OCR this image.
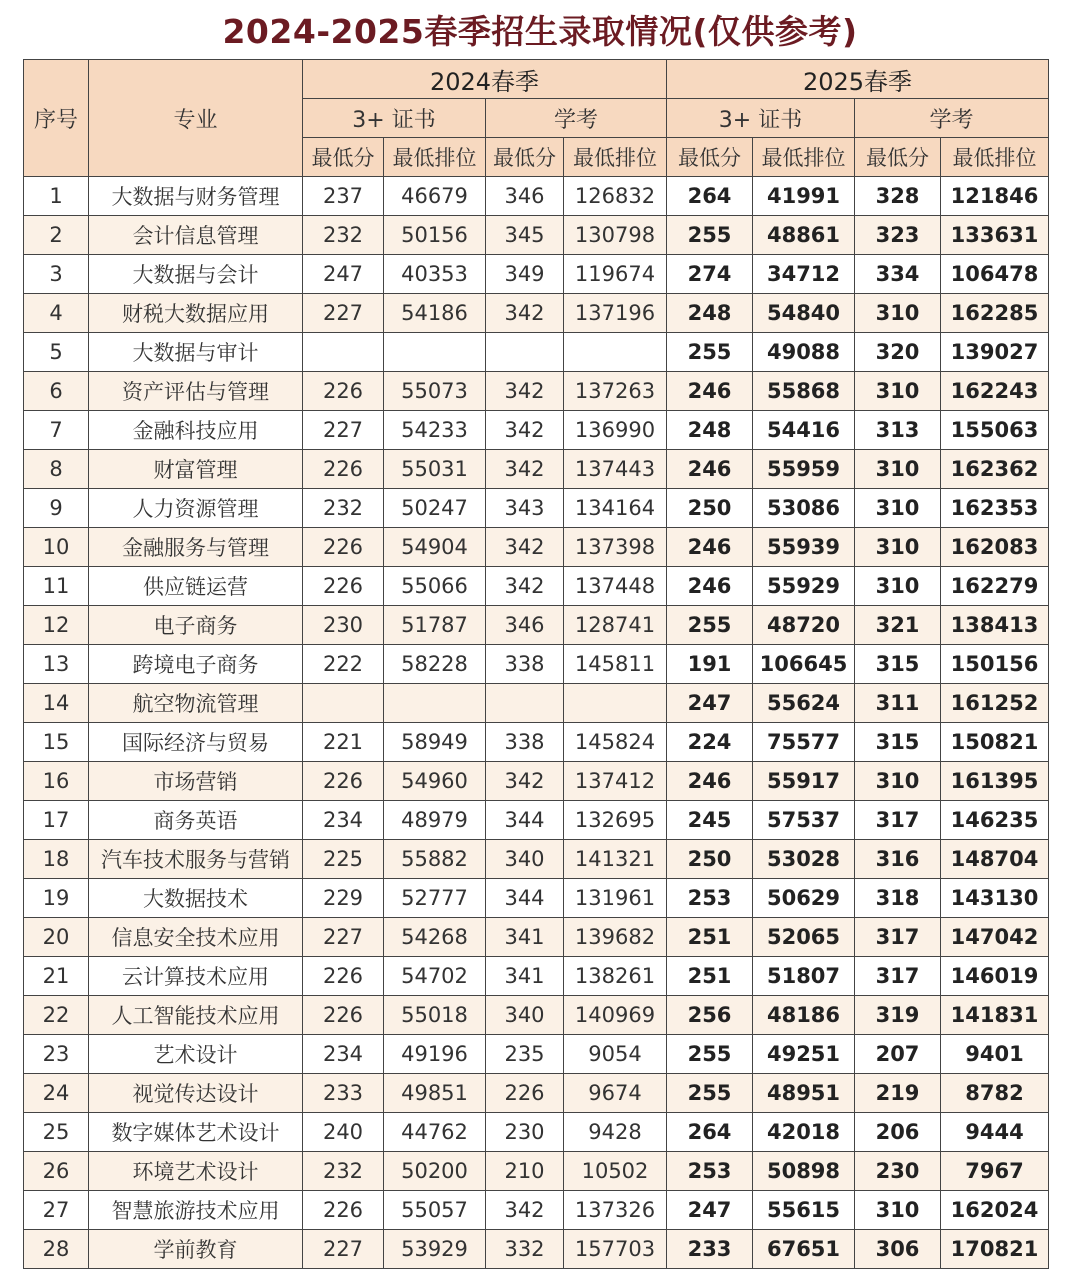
2024-2025春季招生录取情况(仅供参考)
序号	专业	2024春季				2025春季			
		3+ 证书		学考		3+ 证书		学考	
		最低分	最低排位	最低分	最低排位	最低分	最低排位	最低分	最低排位
1	大数据与财务管理	237	46679	346	126832	264	41991	328	121846
2	会计信息管理	232	50156	345	130798	255	48861	323	133631
3	大数据与会计	247	40353	349	119674	274	34712	334	106478
4	财税大数据应用	227	54186	342	137196	248	54840	310	162285
5	大数据与审计					255	49088	320	139027
6	资产评估与管理	226	55073	342	137263	246	55868	310	162243
7	金融科技应用	227	54233	342	136990	248	54416	313	155063
8	财富管理	226	55031	342	137443	246	55959	310	162362
9	人力资源管理	232	50247	343	134164	250	53086	310	162353
10	金融服务与管理	226	54904	342	137398	246	55939	310	162083
11	供应链运营	226	55066	342	137448	246	55929	310	162279
12	电子商务	230	51787	346	128741	255	48720	321	138413
13	跨境电子商务	222	58228	338	145811	191	106645	315	150156
14	航空物流管理					247	55624	311	161252
15	国际经济与贸易	221	58949	338	145824	224	75577	315	150821
16	市场营销	226	54960	342	137412	246	55917	310	161395
17	商务英语	234	48979	344	132695	245	57537	317	146235
18	汽车技术服务与营销	225	55882	340	141321	250	53028	316	148704
19	大数据技术	229	52777	344	131961	253	50629	318	143130
20	信息安全技术应用	227	54268	341	139682	251	52065	317	147042
21	云计算技术应用	226	54702	341	138261	251	51807	317	146019
22	人工智能技术应用	226	55018	340	140969	256	48186	319	141831
23	艺术设计	234	49196	235	9054	255	49251	207	9401
24	视觉传达设计	233	49851	226	9674	255	48951	219	8782
25	数字媒体艺术设计	240	44762	230	9428	264	42018	206	9444
26	环境艺术设计	232	50200	210	10502	253	50898	230	7967
27	智慧旅游技术应用	226	55057	342	137326	247	55615	310	162024
28	学前教育	227	53929	332	157703	233	67651	306	170821
